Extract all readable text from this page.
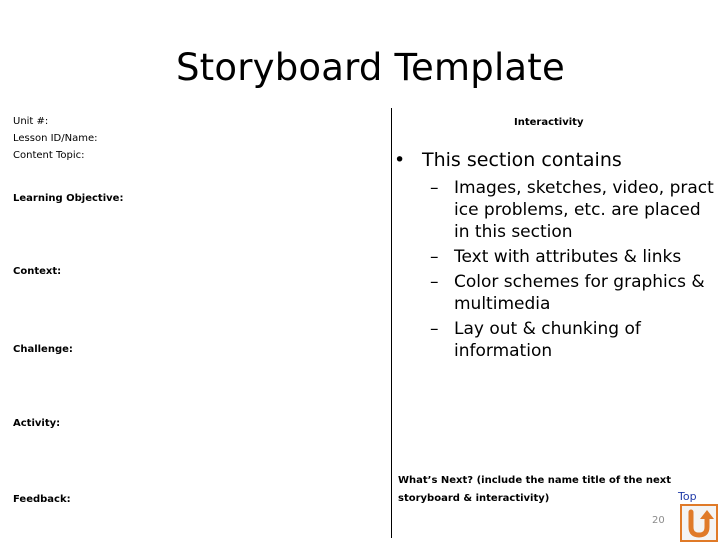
Storyboard Template
Unit #:
Lesson ID/Name:
Content Topic:
Learning Objective:
Context:
Challenge:
Activity:
Feedback:
Interactivity
• This section contains
– Images, sketches, video, pract ice problems, etc. are placed in this section
– Text with attributes & links
– Color schemes for graphics & multimedia
– Lay out & chunking of information
What’s Next? (include the name title of the next storyboard & interactivity)
20
Top
